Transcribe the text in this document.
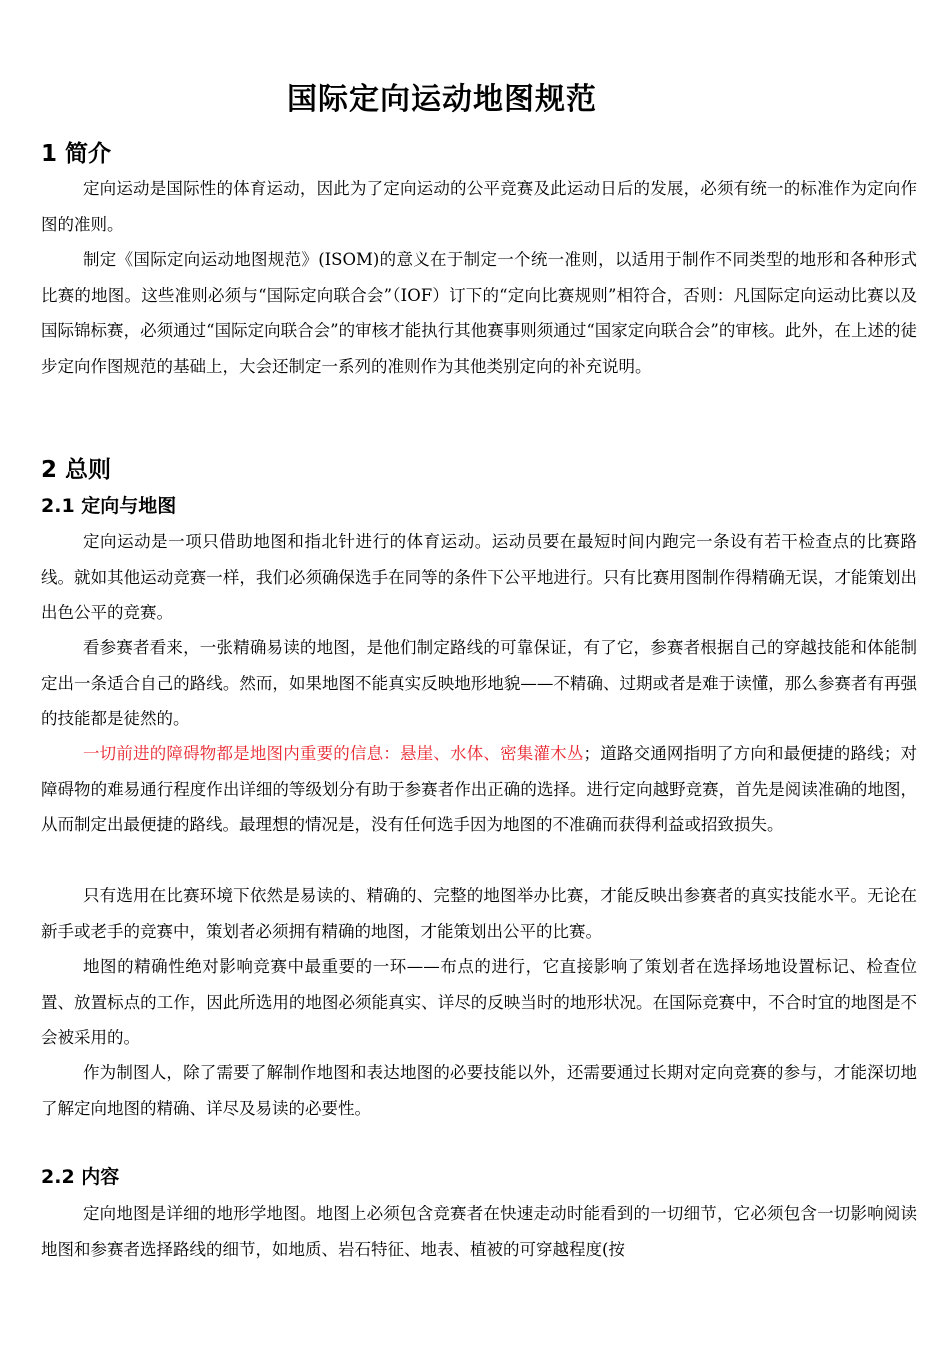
国际定向运动地图规范
1 简介

定向运动是国际性的体育运动，因此为了定向运动的公平竞赛及此运动日后的发展，必须有统一的标准作为定向作图的准则。

制定《国际定向运动地图规范》(ISOM)的意义在于制定一个统一准则，以适用于制作不同类型的地形和各种形式比赛的地图。这些准则必须与“国际定向联合会”（IOF）订下的“定向比赛规则”相符合，否则：凡国际定向运动比赛以及国际锦标赛，必须通过“国际定向联合会”的审核才能执行其他赛事则须通过“国家定向联合会”的审核。此外，在上述的徒步定向作图规范的基础上，大会还制定一系列的准则作为其他类别定向的补充说明。

2 总则
2.1 定向与地图

定向运动是一项只借助地图和指北针进行的体育运动。运动员要在最短时间内跑完一条设有若干检查点的比赛路线。就如其他运动竞赛一样，我们必须确保选手在同等的条件下公平地进行。只有比赛用图制作得精确无误，才能策划出出色公平的竞赛。

看参赛者看来，一张精确易读的地图，是他们制定路线的可靠保证，有了它，参赛者根据自己的穿越技能和体能制定出一条适合自己的路线。然而，如果地图不能真实反映地形地貌——不精确、过期或者是难于读懂，那么参赛者有再强的技能都是徒然的。

一切前进的障碍物都是地图内重要的信息：悬崖、水体、密集灌木丛；道路交通网指明了方向和最便捷的路线；对障碍物的难易通行程度作出详细的等级划分有助于参赛者作出正确的选择。进行定向越野竞赛，首先是阅读准确的地图，从而制定出最便捷的路线。最理想的情况是，没有任何选手因为地图的不准确而获得利益或招致损失。

只有选用在比赛环境下依然是易读的、精确的、完整的地图举办比赛，才能反映出参赛者的真实技能水平。无论在新手或老手的竞赛中，策划者必须拥有精确的地图，才能策划出公平的比赛。

地图的精确性绝对影响竞赛中最重要的一环——布点的进行，它直接影响了策划者在选择场地设置标记、检查位置、放置标点的工作，因此所选用的地图必须能真实、详尽的反映当时的地形状况。在国际竞赛中，不合时宜的地图是不会被采用的。

作为制图人，除了需要了解制作地图和表达地图的必要技能以外，还需要通过长期对定向竞赛的参与，才能深切地了解定向地图的精确、详尽及易读的必要性。

2.2 内容

定向地图是详细的地形学地图。地图上必须包含竞赛者在快速走动时能看到的一切细节，它必须包含一切影响阅读地图和参赛者选择路线的细节，如地质、岩石特征、地表、植被的可穿越程度(按
